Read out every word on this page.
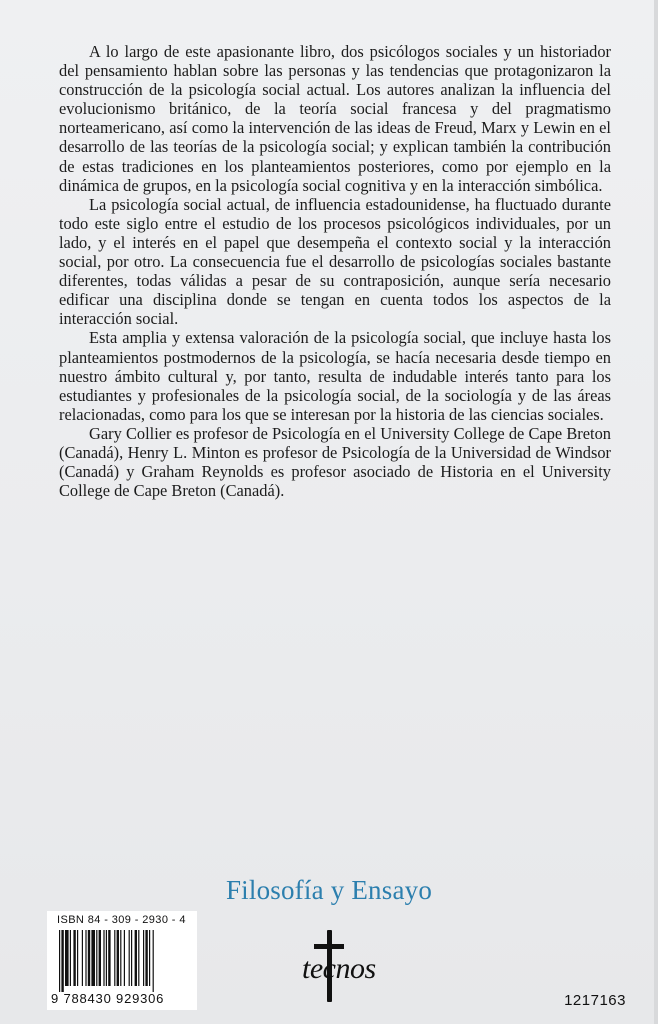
A lo largo de este apasionante libro, dos psicólogos sociales y un historiador del pensamiento hablan sobre las personas y las tendencias que protagonizaron la construcción de la psicología social actual. Los autores analizan la influencia del evolucionismo británico, de la teoría social francesa y del pragmatismo norteamericano, así como la intervención de las ideas de Freud, Marx y Lewin en el desarrollo de las teorías de la psicología social; y explican también la contribución de estas tradiciones en los planteamientos posteriores, como por ejemplo en la dinámica de grupos, en la psicología social cognitiva y en la interacción simbólica.

La psicología social actual, de influencia estadounidense, ha fluctuado durante todo este siglo entre el estudio de los procesos psicológicos individuales, por un lado, y el interés en el papel que desempeña el contexto social y la interacción social, por otro. La consecuencia fue el desarrollo de psicologías sociales bastante diferentes, todas válidas a pesar de su contraposición, aunque sería necesario edificar una disciplina donde se tengan en cuenta todos los aspectos de la interacción social.

Esta amplia y extensa valoración de la psicología social, que incluye hasta los planteamientos postmodernos de la psicología, se hacía necesaria desde tiempo en nuestro ámbito cultural y, por tanto, resulta de indudable interés tanto para los estudiantes y profesionales de la psicología social, de la sociología y de las áreas relacionadas, como para los que se interesan por la historia de las ciencias sociales.

Gary Collier es profesor de Psicología en el University College de Cape Breton (Canadá), Henry L. Minton es profesor de Psicología de la Universidad de Windsor (Canadá) y Graham Reynolds es profesor asociado de Historia en el University College de Cape Breton (Canadá).

Filosofía y Ensayo
ISBN 84 - 309 - 2930 - 4
9 788430 929306
tecnos
1217163
